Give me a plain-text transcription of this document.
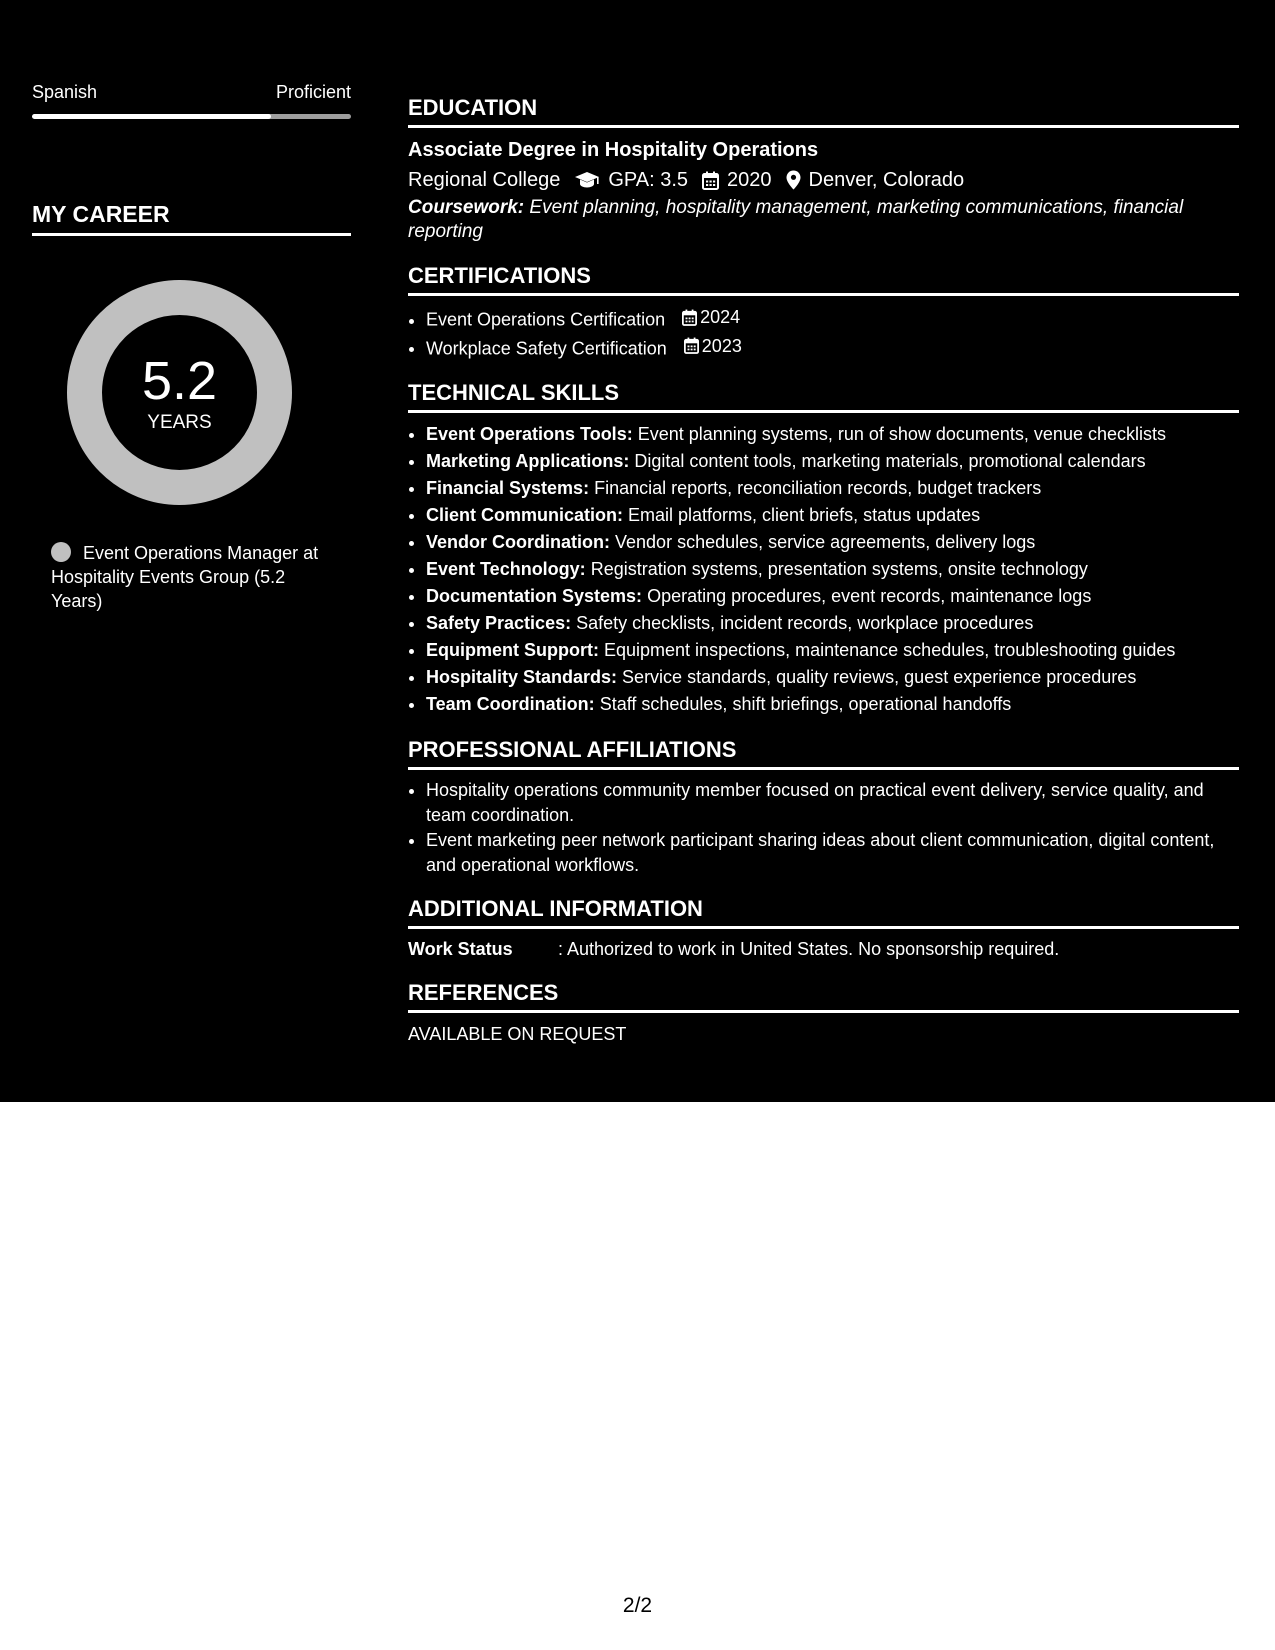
Spanish	Proficient
MY CAREER
5.2
YEARS
Event Operations Manager at Hospitality Events Group (5.2 Years)
EDUCATION
Associate Degree in Hospitality Operations
Regional College GPA: 3.5 2020 Denver, Colorado
Coursework: Event planning, hospitality management, marketing communications, financial reporting
CERTIFICATIONS
• Event Operations Certification 2024
• Workplace Safety Certification 2023
TECHNICAL SKILLS
• Event Operations Tools: Event planning systems, run of show documents, venue checklists
• Marketing Applications: Digital content tools, marketing materials, promotional calendars
• Financial Systems: Financial reports, reconciliation records, budget trackers
• Client Communication: Email platforms, client briefs, status updates
• Vendor Coordination: Vendor schedules, service agreements, delivery logs
• Event Technology: Registration systems, presentation systems, onsite technology
• Documentation Systems: Operating procedures, event records, maintenance logs
• Safety Practices: Safety checklists, incident records, workplace procedures
• Equipment Support: Equipment inspections, maintenance schedules, troubleshooting guides
• Hospitality Standards: Service standards, quality reviews, guest experience procedures
• Team Coordination: Staff schedules, shift briefings, operational handoffs
PROFESSIONAL AFFILIATIONS
• Hospitality operations community member focused on practical event delivery, service quality, and team coordination.
• Event marketing peer network participant sharing ideas about client communication, digital content, and operational workflows.
ADDITIONAL INFORMATION
Work Status	: Authorized to work in United States. No sponsorship required.
REFERENCES
AVAILABLE ON REQUEST
2/2
